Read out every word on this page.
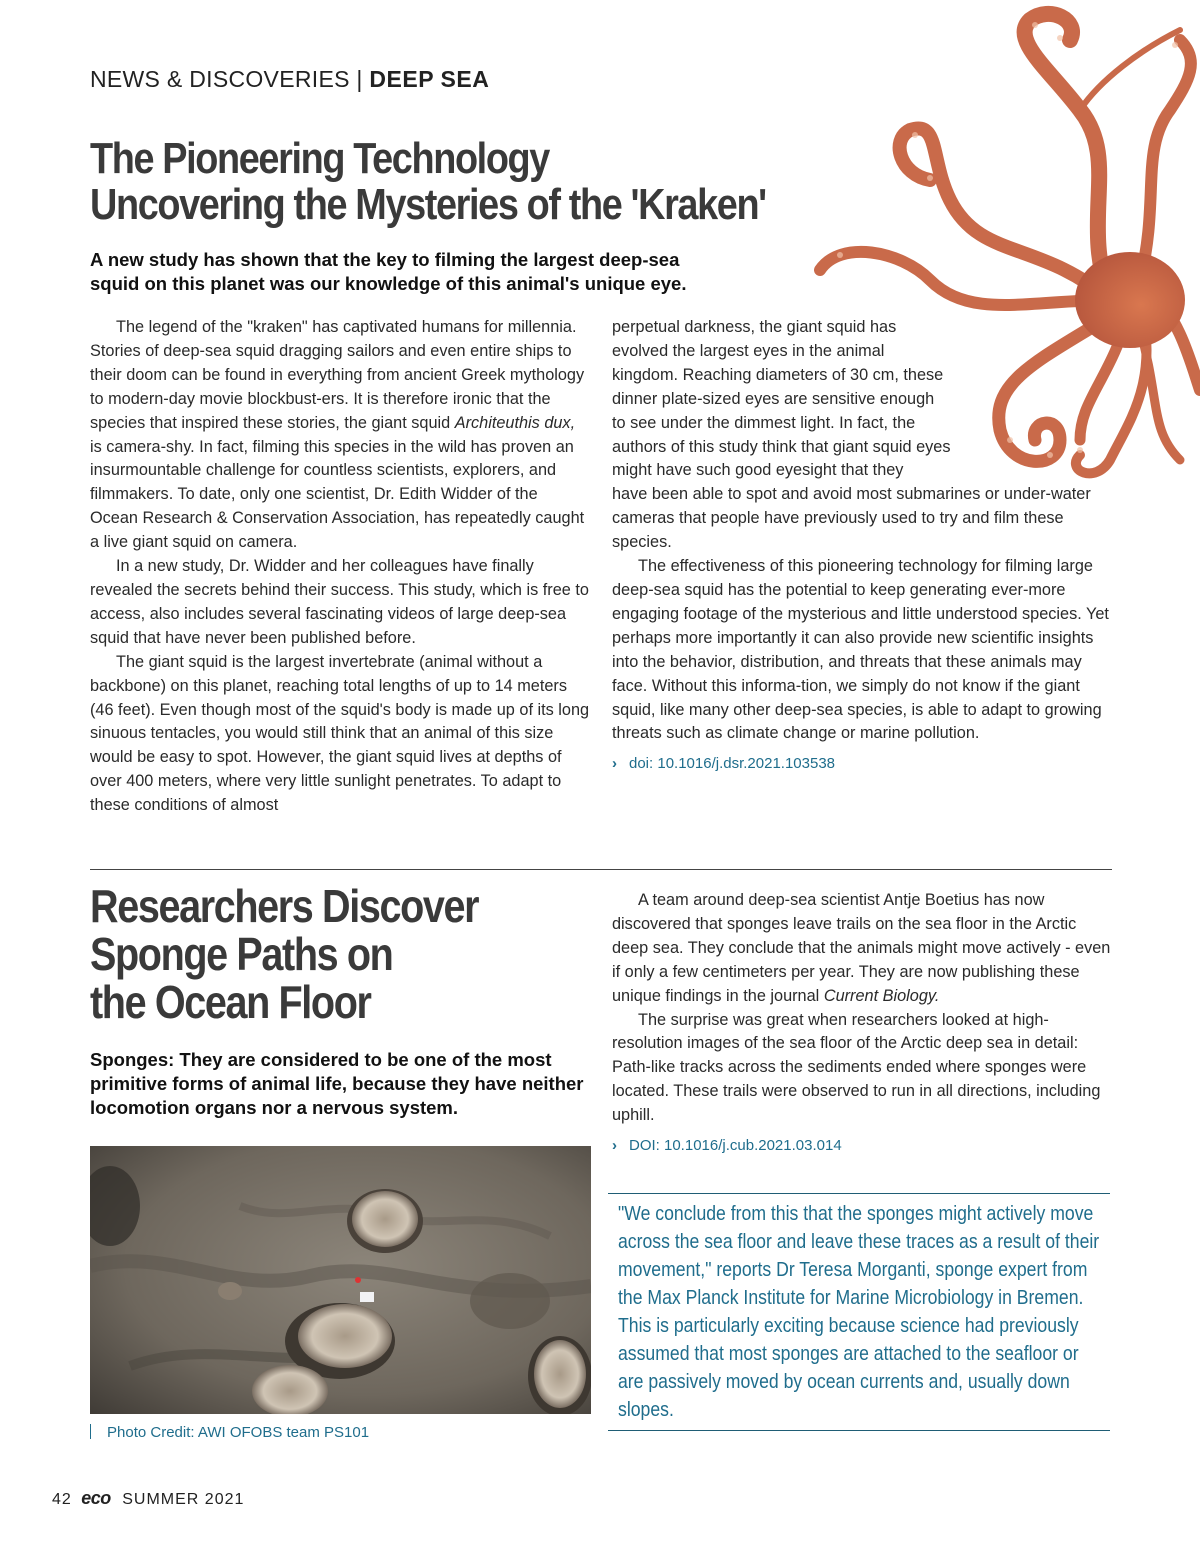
NEWS & DISCOVERIES | DEEP SEA
The Pioneering Technology
Uncovering the Mysteries of the 'Kraken'
A new study has shown that the key to filming the largest deep-sea
squid on this planet was our knowledge of this animal's unique eye.

The legend of the "kraken" has captivated humans for millennia. Stories of deep-sea squid dragging sailors and even entire ships to their doom can be found in everything from ancient Greek mythology to modern-day movie blockbust-ers. It is therefore ironic that the species that inspired these stories, the giant squid Architeuthis dux, is camera-shy. In fact, filming this species in the wild has proven an insurmountable challenge for countless scientists, explorers, and filmmakers. To date, only one scientist, Dr. Edith Widder of the Ocean Research & Conservation Association, has repeatedly caught a live giant squid on camera.

In a new study, Dr. Widder and her colleagues have finally revealed the secrets behind their success. This study, which is free to access, also includes several fascinating videos of large deep-sea squid that have never been published before.

The giant squid is the largest invertebrate (animal without a backbone) on this planet, reaching total lengths of up to 14 meters (46 feet). Even though most of the squid's body is made up of its long sinuous tentacles, you would still think that an animal of this size would be easy to spot. However, the giant squid lives at depths of over 400 meters, where very little sunlight penetrates. To adapt to these conditions of almost

perpetual darkness, the giant squid has evolved the largest eyes in the animal kingdom. Reaching diameters of 30 cm, these dinner plate-sized eyes are sensitive enough to see under the dimmest light. In fact, the authors of this study think that giant squid eyes might have such good eyesight that they
have been able to spot and avoid most submarines or under-water cameras that people have previously used to try and film these species.

The effectiveness of this pioneering technology for filming large deep-sea squid has the potential to keep generating ever-more engaging footage of the mysterious and little understood species. Yet perhaps more importantly it can also provide new scientific insights into the behavior, distribution, and threats that these animals may face. Without this informa-tion, we simply do not know if the giant squid, like many other deep-sea species, is able to adapt to growing threats such as climate change or marine pollution.

› doi: 10.1016/j.dsr.2021.103538
Researchers Discover
Sponge Paths on
the Ocean Floor
Sponges: They are considered to be one of the most primitive forms of animal life, because they have neither locomotion organs nor a nervous system.
Photo Credit: AWI OFOBS team PS101

A team around deep-sea scientist Antje Boetius has now discovered that sponges leave trails on the sea floor in the Arctic deep sea. They conclude that the animals might move actively - even if only a few centimeters per year. They are now publishing these unique findings in the journal Current Biology.

The surprise was great when researchers looked at high-resolution images of the sea floor of the Arctic deep sea in detail: Path-like tracks across the sediments ended where sponges were located. These trails were observed to run in all directions, including uphill.

› DOI: 10.1016/j.cub.2021.03.014
"We conclude from this that the sponges might actively move across the sea floor and leave these traces as a result of their movement," reports Dr Teresa Morganti, sponge expert from the Max Planck Institute for Marine Microbiology in Bremen. This is particularly exciting because science had previously assumed that most sponges are attached to the seafloor or are passively moved by ocean currents and, usually down slopes.
42 eco SUMMER 2021
